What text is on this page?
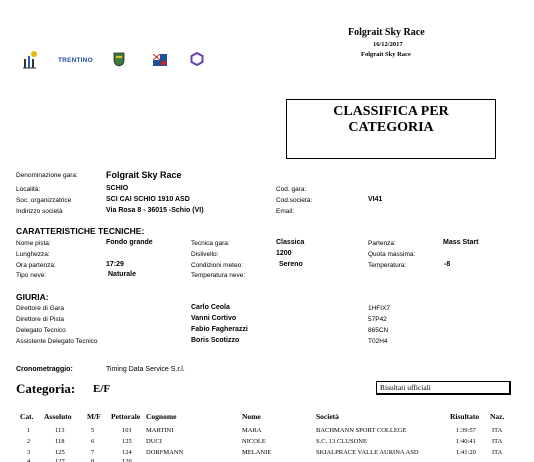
Folgrait Sky Race
16/12/2017
Folgrait Sky Race
TRENTINO
CLASSIFICA PER
CATEGORIA
Denominazione gara:	Folgrait Sky Race
Località:	SCHIO	Cod. gara:
Soc. organizzatrice	SCI CAI SCHIO 1910 ASD	Cod.società:	VI41
Indirizzo società	Via Rosa 8 - 36015 -Schio (VI)	Email:
CARATTERISTICHE TECNICHE:
Nome pista:	Fondo grande	Tecnica gara:	Classica	Partenza:	Mass Start
Lunghezza:	Dislivello:	1200	Quota massima:
Ora partenza:	17:29	Condizioni meteo:	Sereno	Temperatura:	-8
Tipo neve:	Naturale	Temperatura neve:
GIURIA:
Direttore di Gara	Carlo Ceola	1HFIX7
Direttore di Pista	Vanni Cortivo	57P42
Delegato Tecnico	Fabio Fagherazzi	865CN
Assistente Delegato Tecnico	Boris Scotizzo	T02H4
Cronometraggio:	Timing Data Service S.r.l.
Categoria: E/F	Risultati ufficiali
Cat. Assoluto M/F Pettorale Cognome	Nome	Società	Risultato Naz.
1	113	5	101 MARTINI	MARA	BACHMANN SPORT COLLEGE	1:39:57 ITA
2	118	6	125 DUCI	NICOLE	S.C. 13 CLUSONE	1:40:41 ITA
3	125	7	124 DORFMANN	MELANIE	SKIALPRACE VALLE AURINA ASD	1:41:20 ITA
4	127	8	120
